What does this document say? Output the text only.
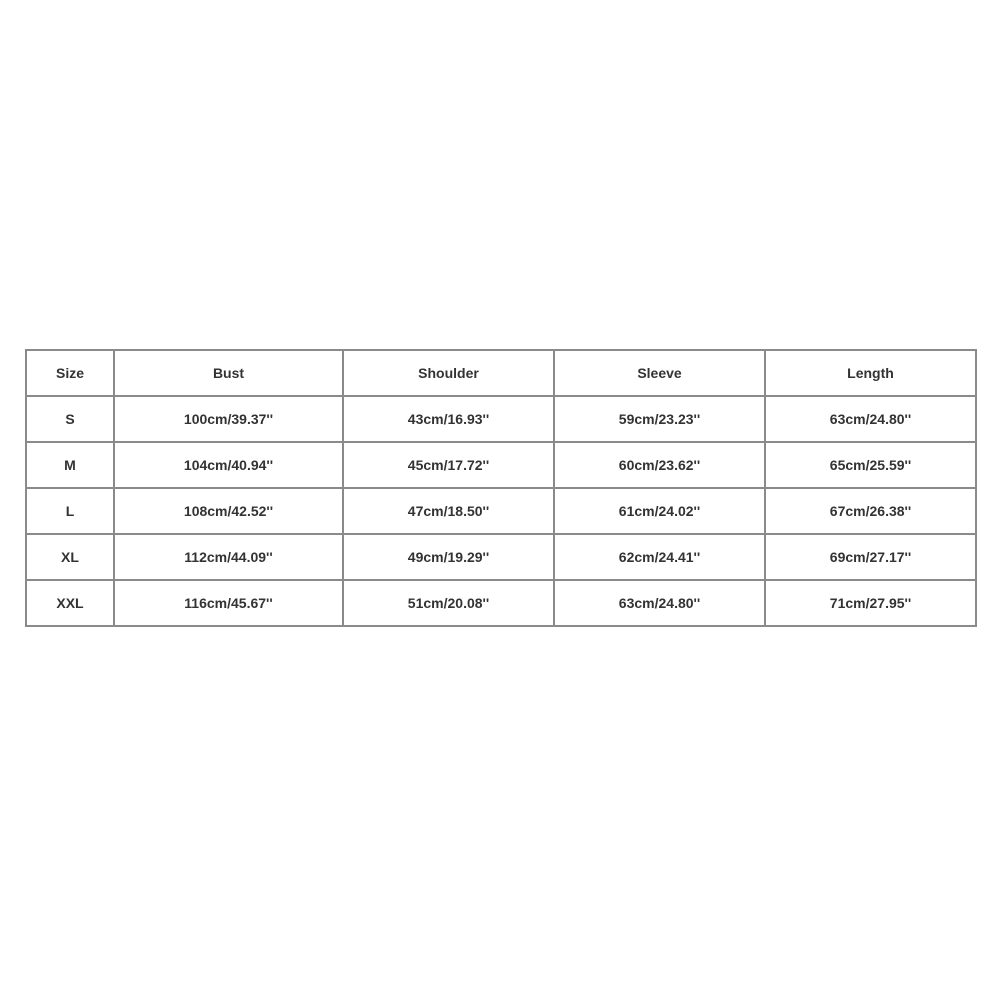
Size	Bust	Shoulder	Sleeve	Length
S	100cm/39.37''	43cm/16.93''	59cm/23.23''	63cm/24.80''
M	104cm/40.94''	45cm/17.72''	60cm/23.62''	65cm/25.59''
L	108cm/42.52''	47cm/18.50''	61cm/24.02''	67cm/26.38''
XL	112cm/44.09''	49cm/19.29''	62cm/24.41''	69cm/27.17''
XXL	116cm/45.67''	51cm/20.08''	63cm/24.80''	71cm/27.95''
